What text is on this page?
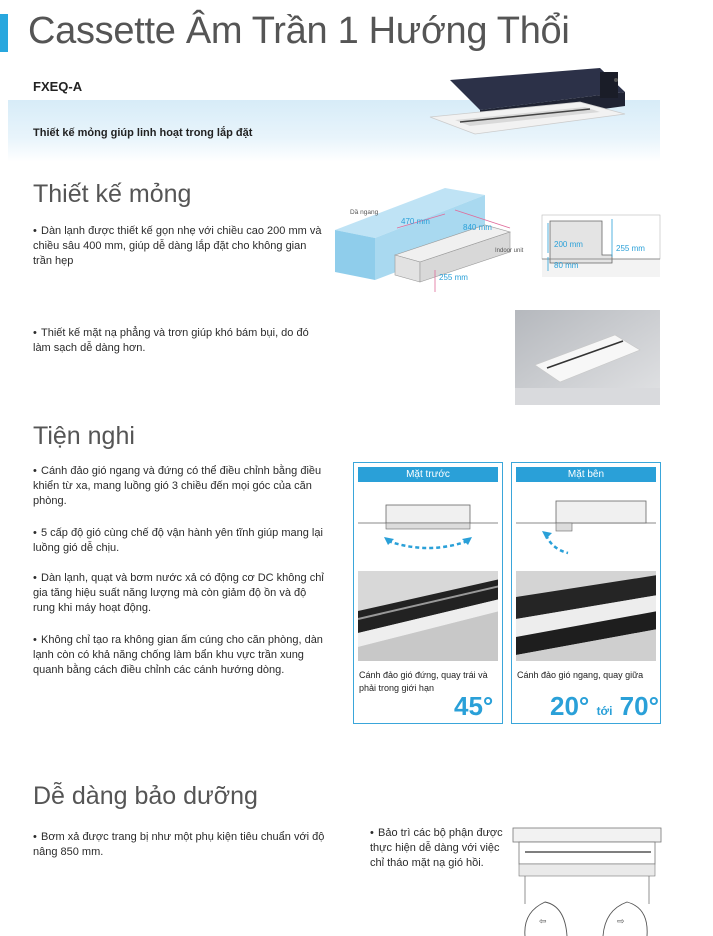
Cassette Âm Trần 1 Hướng Thổi
FXEQ-A
Thiết kế mỏng giúp linh hoạt trong lắp đặt
Thiết kế mỏng
• Dàn lạnh được thiết kế gọn nhẹ với chiều cao 200 mm và chiều sâu 400 mm, giúp dễ dàng lắp đặt cho không gian trần hẹp
• Thiết kế mặt nạ phẳng và trơn giúp khó bám bụi, do đó làm sạch dễ dàng hơn.
Dầ ngang
470 mm
840 mm
Indoor unit
255 mm
200 mm
80 mm
255 mm
Tiện nghi
• Cánh đảo gió ngang và đứng có thể điều chỉnh bằng điều khiển từ xa, mang luồng gió 3 chiều đến mọi góc của căn phòng.
• 5 cấp độ gió cùng chế độ vận hành yên tĩnh giúp mang lại luồng gió dễ chịu.
• Dàn lạnh, quạt và bơm nước xả có động cơ DC không chỉ gia tăng hiệu suất năng lượng mà còn giảm độ ồn và độ rung khi máy hoạt động.
• Không chỉ tạo ra không gian ấm cúng cho căn phòng, dàn lạnh còn có khả năng chống làm bẩn khu vực trần xung quanh bằng cách điều chỉnh các cánh hướng dòng.
Mặt trước
Cánh đảo gió đứng, quay trái và
phải trong giới hạn
45°
Mặt bên
Cánh đảo gió ngang, quay giữa
20° tới 70°
Dễ dàng bảo dưỡng
• Bơm xả được trang bị như một phụ kiện tiêu chuẩn với độ nâng 850 mm.
• Bảo trì các bộ phận được thực hiện dễ dàng với việc chỉ tháo mặt nạ gió hồi.
⇦	⇨
